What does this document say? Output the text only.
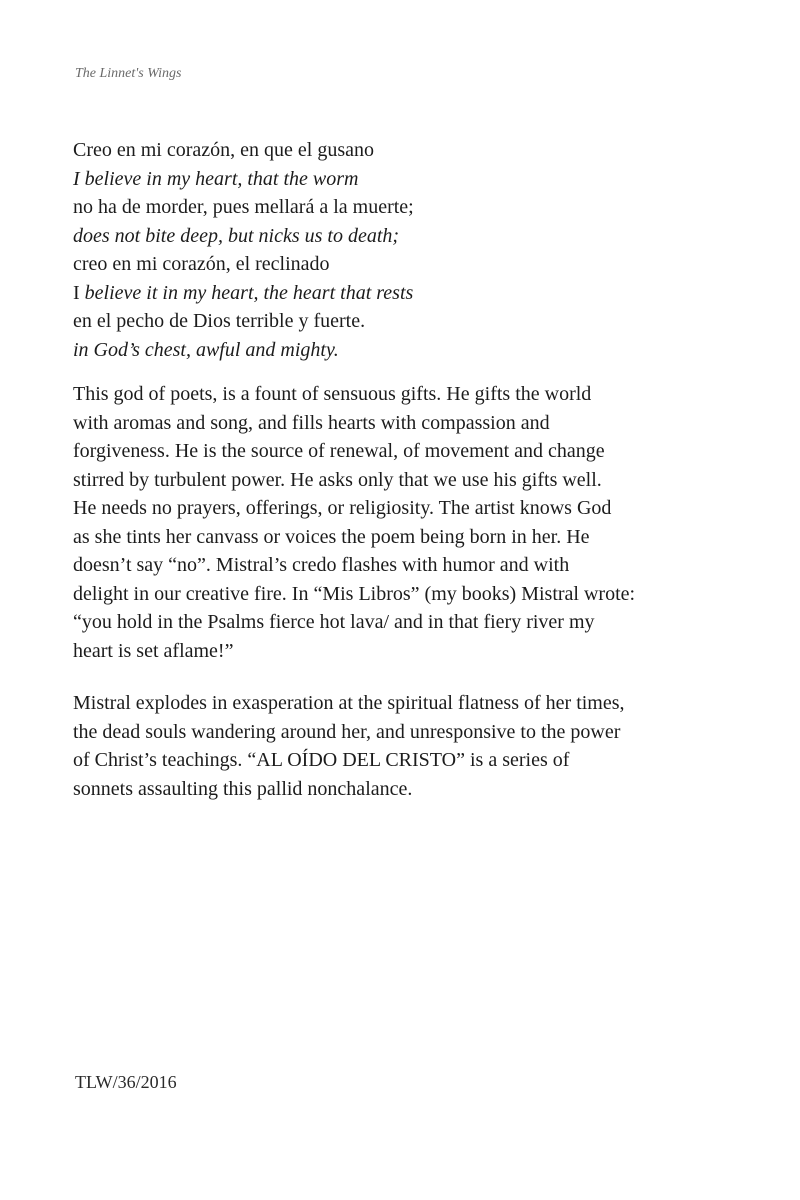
The Linnet's Wings
Creo en mi corazón, en que el gusano
I believe in my heart, that the worm
no ha de morder, pues mellará a la muerte;
does not bite deep, but nicks us to death;
creo en mi corazón, el reclinado
I believe it in my heart, the heart that rests
en el pecho de Dios terrible y fuerte.
in God’s chest, awful and mighty.
This god of poets, is a fount of sensuous gifts. He gifts the world
with aromas and song, and fills hearts with compassion and
forgiveness. He is the source of renewal, of movement and change
stirred by turbulent power. He asks only that we use his gifts well.
He needs no prayers, offerings, or religiosity. The artist knows God
as she tints her canvass or voices the poem being born in her. He
doesn’t say “no”. Mistral’s credo flashes with humor and with
delight in our creative fire. In “Mis Libros” (my books) Mistral wrote:
“you hold in the Psalms fierce hot lava/ and in that fiery river my
heart is set aflame!”
Mistral explodes in exasperation at the spiritual flatness of her times,
the dead souls wandering around her, and unresponsive to the power
of Christ’s teachings. “AL OÍDO DEL CRISTO” is a series of
sonnets assaulting this pallid nonchalance.
TLW/36/2016
